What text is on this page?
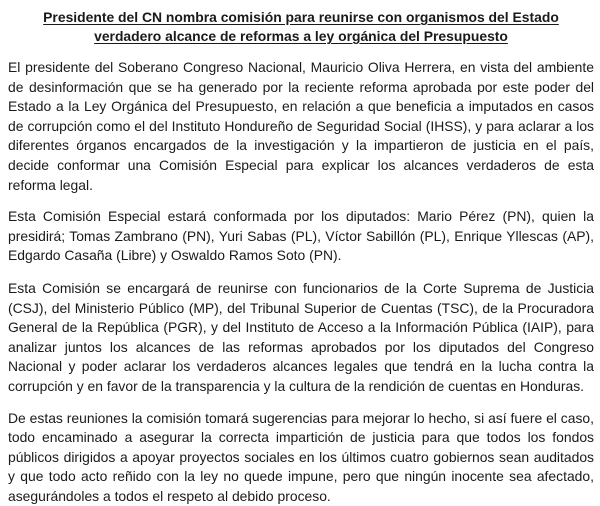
Presidente del CN nombra comisión para reunirse con organismos del Estado verdadero alcance de reformas a ley orgánica del Presupuesto

El presidente del Soberano Congreso Nacional, Mauricio Oliva Herrera, en vista del ambiente de desinformación que se ha generado por la reciente reforma aprobada por este poder del Estado a la Ley Orgánica del Presupuesto, en relación a que beneficia a imputados en casos de corrupción como el del Instituto Hondureño de Seguridad Social (IHSS), y para aclarar a los diferentes órganos encargados de la investigación y la impartieron de justicia en el país, decide conformar una Comisión Especial para explicar los alcances verdaderos de esta reforma legal.

Esta Comisión Especial estará conformada por los diputados: Mario Pérez (PN), quien la presidirá; Tomas Zambrano (PN), Yuri Sabas (PL), Víctor Sabillón (PL), Enrique Yllescas (AP), Edgardo Casaña (Libre) y Oswaldo Ramos Soto (PN).

Esta Comisión se encargará de reunirse con funcionarios de la Corte Suprema de Justicia (CSJ), del Ministerio Público (MP), del Tribunal Superior de Cuentas (TSC), de la Procuradora General de la República (PGR), y del Instituto de Acceso a la Información Pública (IAIP), para analizar juntos los alcances de las reformas aprobados por los diputados del Congreso Nacional y poder aclarar los verdaderos alcances legales que tendrá en la lucha contra la corrupción y en favor de la transparencia y la cultura de la rendición de cuentas en Honduras.

De estas reuniones la comisión tomará sugerencias para mejorar lo hecho, si así fuere el caso, todo encaminado a asegurar la correcta impartición de justicia para que todos los fondos públicos dirigidos a apoyar proyectos sociales en los últimos cuatro gobiernos sean auditados y que todo acto reñido con la ley no quede impune, pero que ningún inocente sea afectado, asegurándoles a todos el respeto al debido proceso.
